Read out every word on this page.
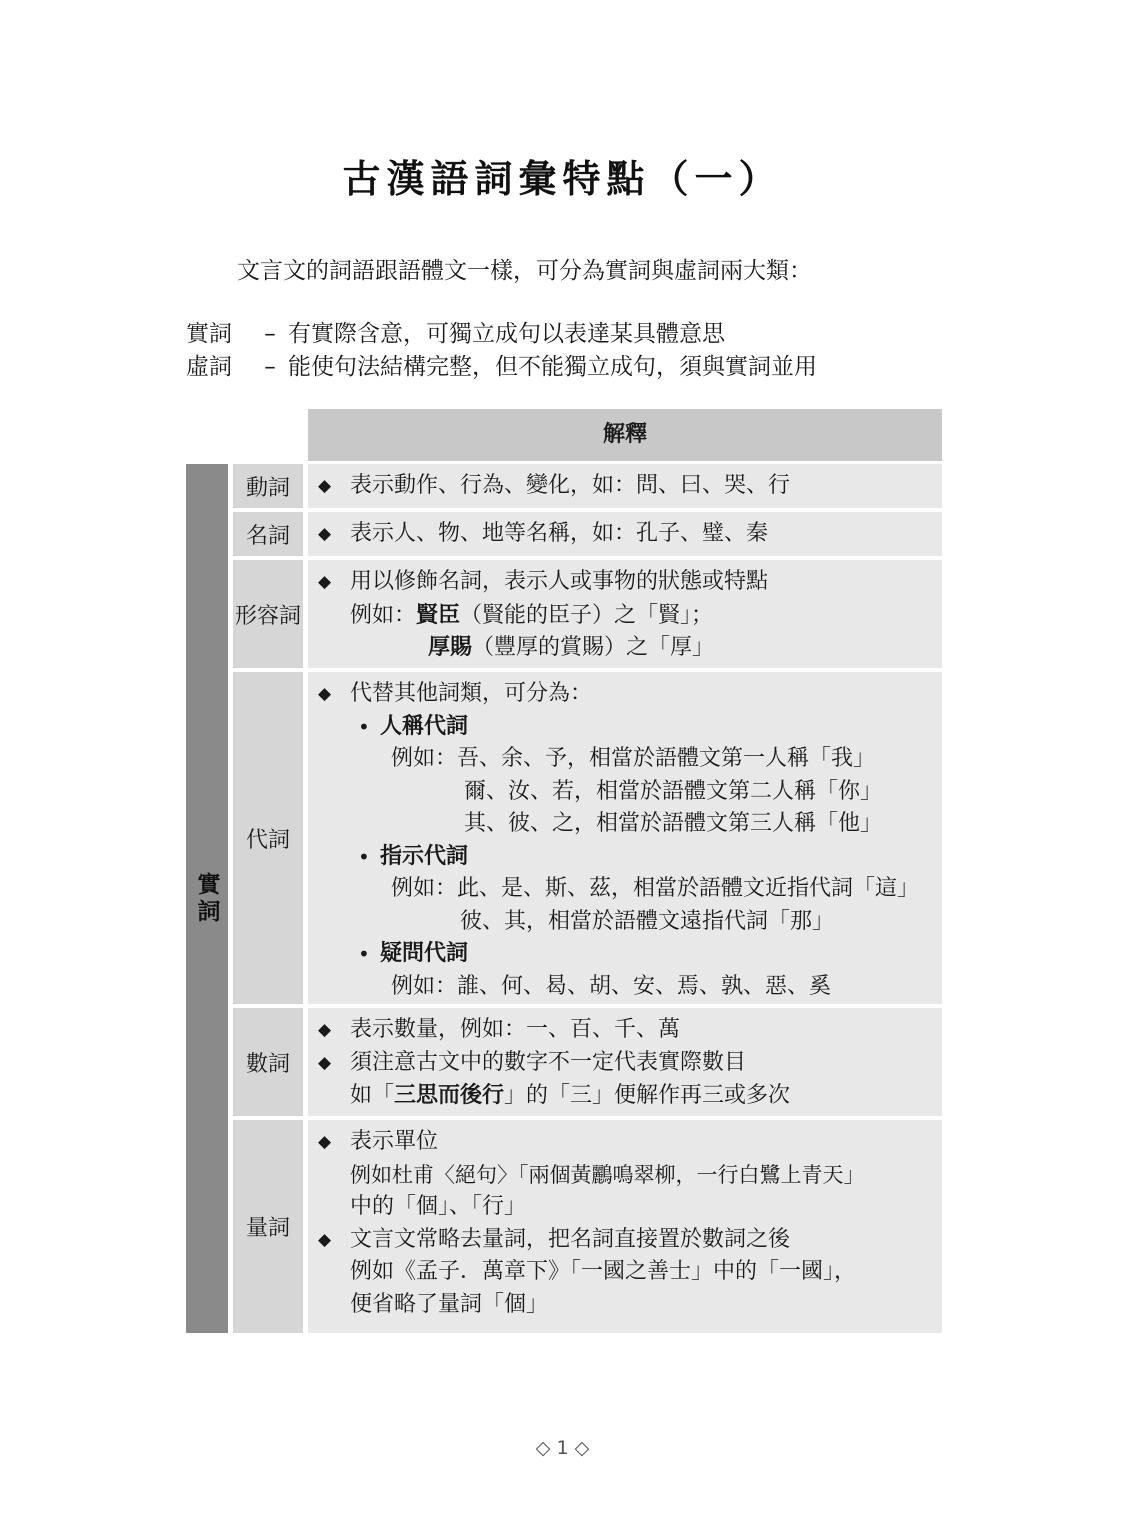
古漢語詞彙特點（一）
文言文的詞語跟語體文一樣，可分為實詞與虛詞兩大類：
實詞 – 有實際含意，可獨立成句以表達某具體意思
虛詞 – 能使句法結構完整，但不能獨立成句，須與實詞並用
解釋
實詞
動詞	◆ 表示動作、行為、變化，如：問、曰、哭、行
名詞	◆ 表示人、物、地等名稱，如：孔子、璧、秦
形容詞
◆ 用以修飾名詞，表示人或事物的狀態或特點
例如：賢臣（賢能的臣子）之「賢」；
厚賜（豐厚的賞賜）之「厚」
代詞
◆ 代替其他詞類，可分為：
• 人稱代詞
例如：吾、余、予，相當於語體文第一人稱「我」
爾、汝、若，相當於語體文第二人稱「你」
其、彼、之，相當於語體文第三人稱「他」
• 指示代詞
例如：此、是、斯、茲，相當於語體文近指代詞「這」
彼、其，相當於語體文遠指代詞「那」
• 疑問代詞
例如：誰、何、曷、胡、安、焉、孰、惡、奚
數詞
◆ 表示數量，例如：一、百、千、萬
◆ 須注意古文中的數字不一定代表實際數目
如「三思而後行」的「三」便解作再三或多次
量詞
◆ 表示單位
例如杜甫〈絕句〉「兩個黃鸝鳴翠柳，一行白鷺上青天」
中的「個」、「行」
◆ 文言文常略去量詞，把名詞直接置於數詞之後
例如《孟子．萬章下》「一國之善士」中的「一國」，
便省略了量詞「個」
◇ 1 ◇
